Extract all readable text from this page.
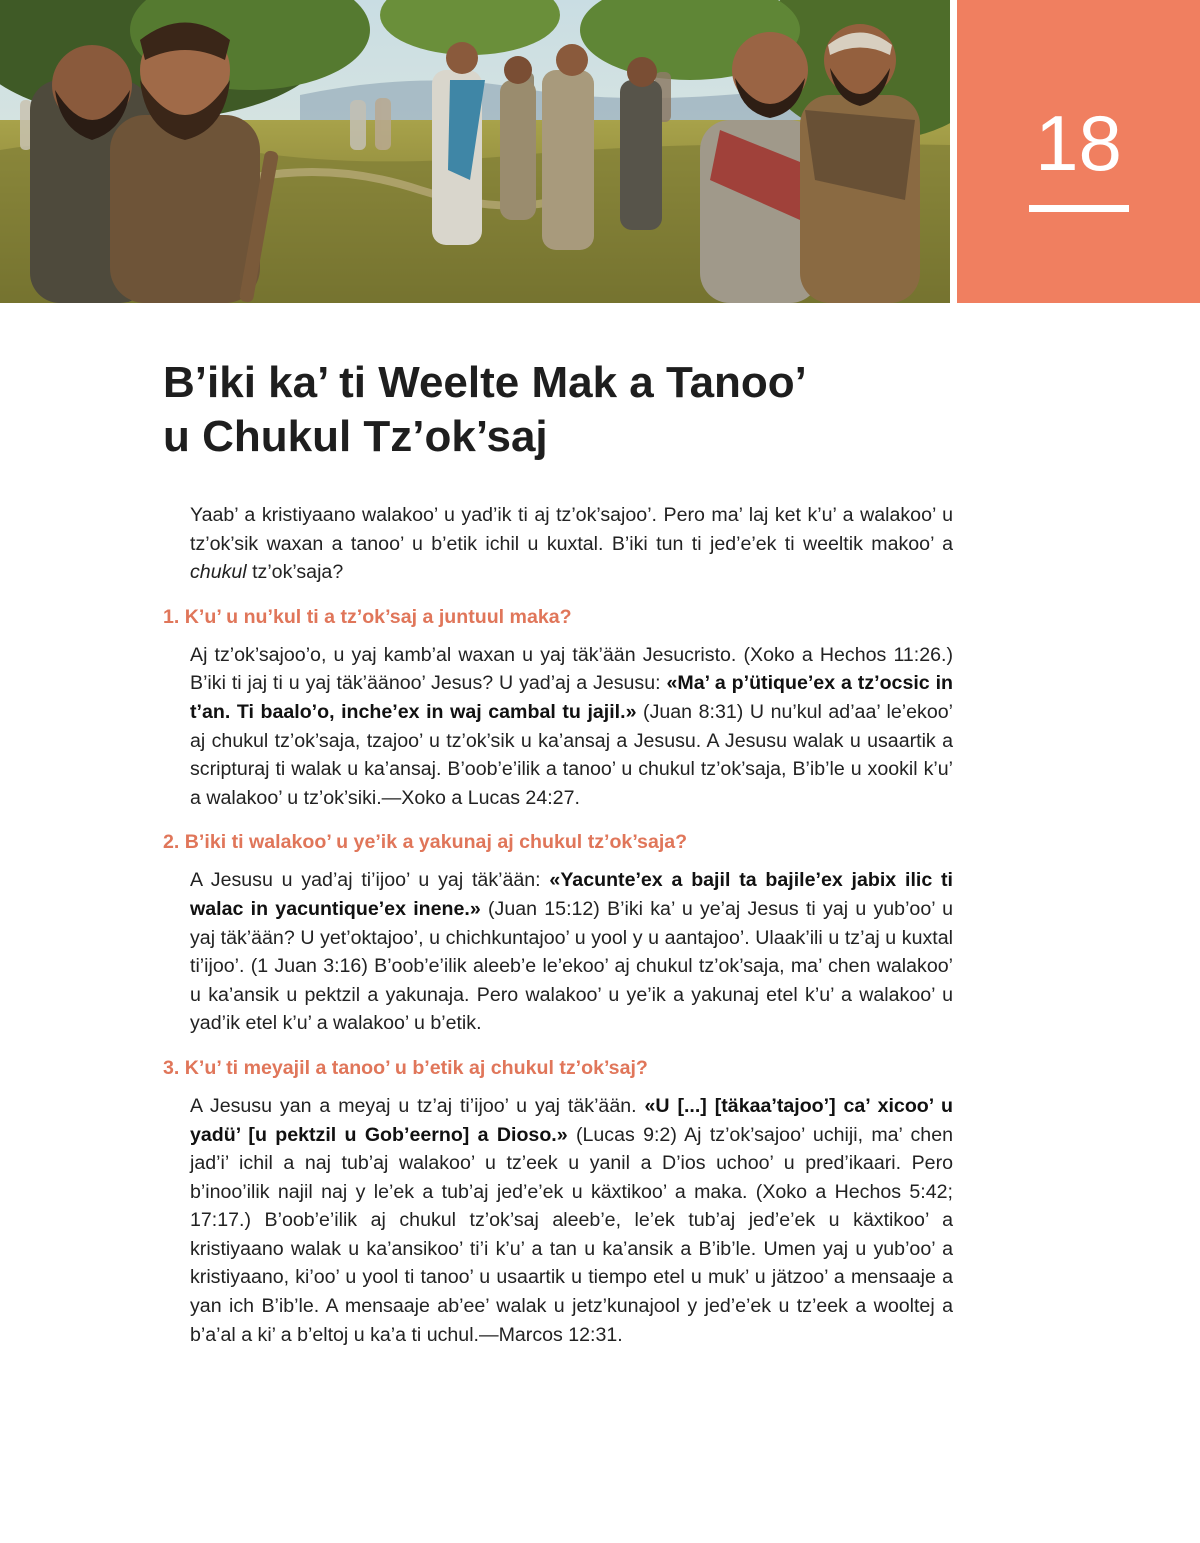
18
B’iki ka’ ti Weelte Mak a Tanoo’
u Chukul Tz’ok’saj

Yaab’ a kristiyaano walakoo’ u yad’ik ti aj tz’ok’sajoo’. Pero ma’ laj ket k’u’ a walakoo’ u tz’ok’sik waxan a tanoo’ u b’etik ichil u kuxtal. B’iki tun ti jed’e’ek ti weeltik makoo’ a chukul tz’ok’saja?

1. K’u’ u nu’kul ti a tz’ok’saj a juntuul maka?

Aj tz’ok’sajoo’o, u yaj kamb’al waxan u yaj täk’ään Jesucristo. (Xoko a Hechos 11:26.) B’iki ti jaj ti u yaj täk’äänoo’ Jesus? U yad’aj a Jesusu: «Ma’ a p’ütique’ex a tz’ocsic in t’an. Ti baalo’o, inche’ex in waj cambal tu jajil.» (Juan 8:31) U nu’kul ad’aa’ le’ekoo’ aj chukul tz’ok’saja, tzajoo’ u tz’ok’sik u ka’ansaj a Jesusu. A Jesusu walak u usaartik a scripturaj ti walak u ka’ansaj. B’oob’e’ilik a tanoo’ u chukul tz’ok’saja, B’ib’le u xookil k’u’ a walakoo’ u tz’ok’siki.—Xoko a Lucas 24:27.

2. B’iki ti walakoo’ u ye’ik a yakunaj aj chukul tz’ok’saja?

A Jesusu u yad’aj ti’ijoo’ u yaj täk’ään: «Yacunte’ex a bajil ta bajile’ex jabix ilic ti walac in yacuntique’ex inene.» (Juan 15:12) B’iki ka’ u ye’aj Jesus ti yaj u yub’oo’ u yaj täk’ään? U yet’oktajoo’, u chichkuntajoo’ u yool y u aantajoo’. Ulaak’ili u tz’aj u kuxtal ti’ijoo’. (1 Juan 3:16) B’oob’e’ilik aleeb’e le’ekoo’ aj chukul tz’ok’saja, ma’ chen walakoo’ u ka’ansik u pektzil a yakunaja. Pero walakoo’ u ye’ik a yakunaj etel k’u’ a walakoo’ u yad’ik etel k’u’ a walakoo’ u b’etik.

3. K’u’ ti meyajil a tanoo’ u b’etik aj chukul tz’ok’saj?

A Jesusu yan a meyaj u tz’aj ti’ijoo’ u yaj täk’ään. «U [...] [täkaa’tajoo’] ca’ xicoo’ u yadü’ [u pektzil u Gob’eerno] a Dioso.» (Lucas 9:2) Aj tz’ok’sajoo’ uchiji, ma’ chen jad’i’ ichil a naj tub’aj walakoo’ u tz’eek u yanil a D’ios uchoo’ u pred’ikaari. Pero b’inoo’ilik najil naj y le’ek a tub’aj jed’e’ek u käxtikoo’ a maka. (Xoko a Hechos 5:42; 17:17.) B’oob’e’ilik aj chukul tz’ok’saj aleeb’e, le’ek tub’aj jed’e’ek u käxtikoo’ a kristiyaano walak u ka’ansikoo’ ti’i k’u’ a tan u ka’ansik a B’ib’le. Umen yaj u yub’oo’ a kristiyaano, ki’oo’ u yool ti tanoo’ u usaartik u tiempo etel u muk’ u jätzoo’ a mensaaje a yan ich B’ib’le. A mensaaje ab’ee’ walak u jetz’kunajool y jed’e’ek u tz’eek a wooltej a b’a’al a ki’ a b’eltoj u ka’a ti uchul.—Marcos 12:31.
